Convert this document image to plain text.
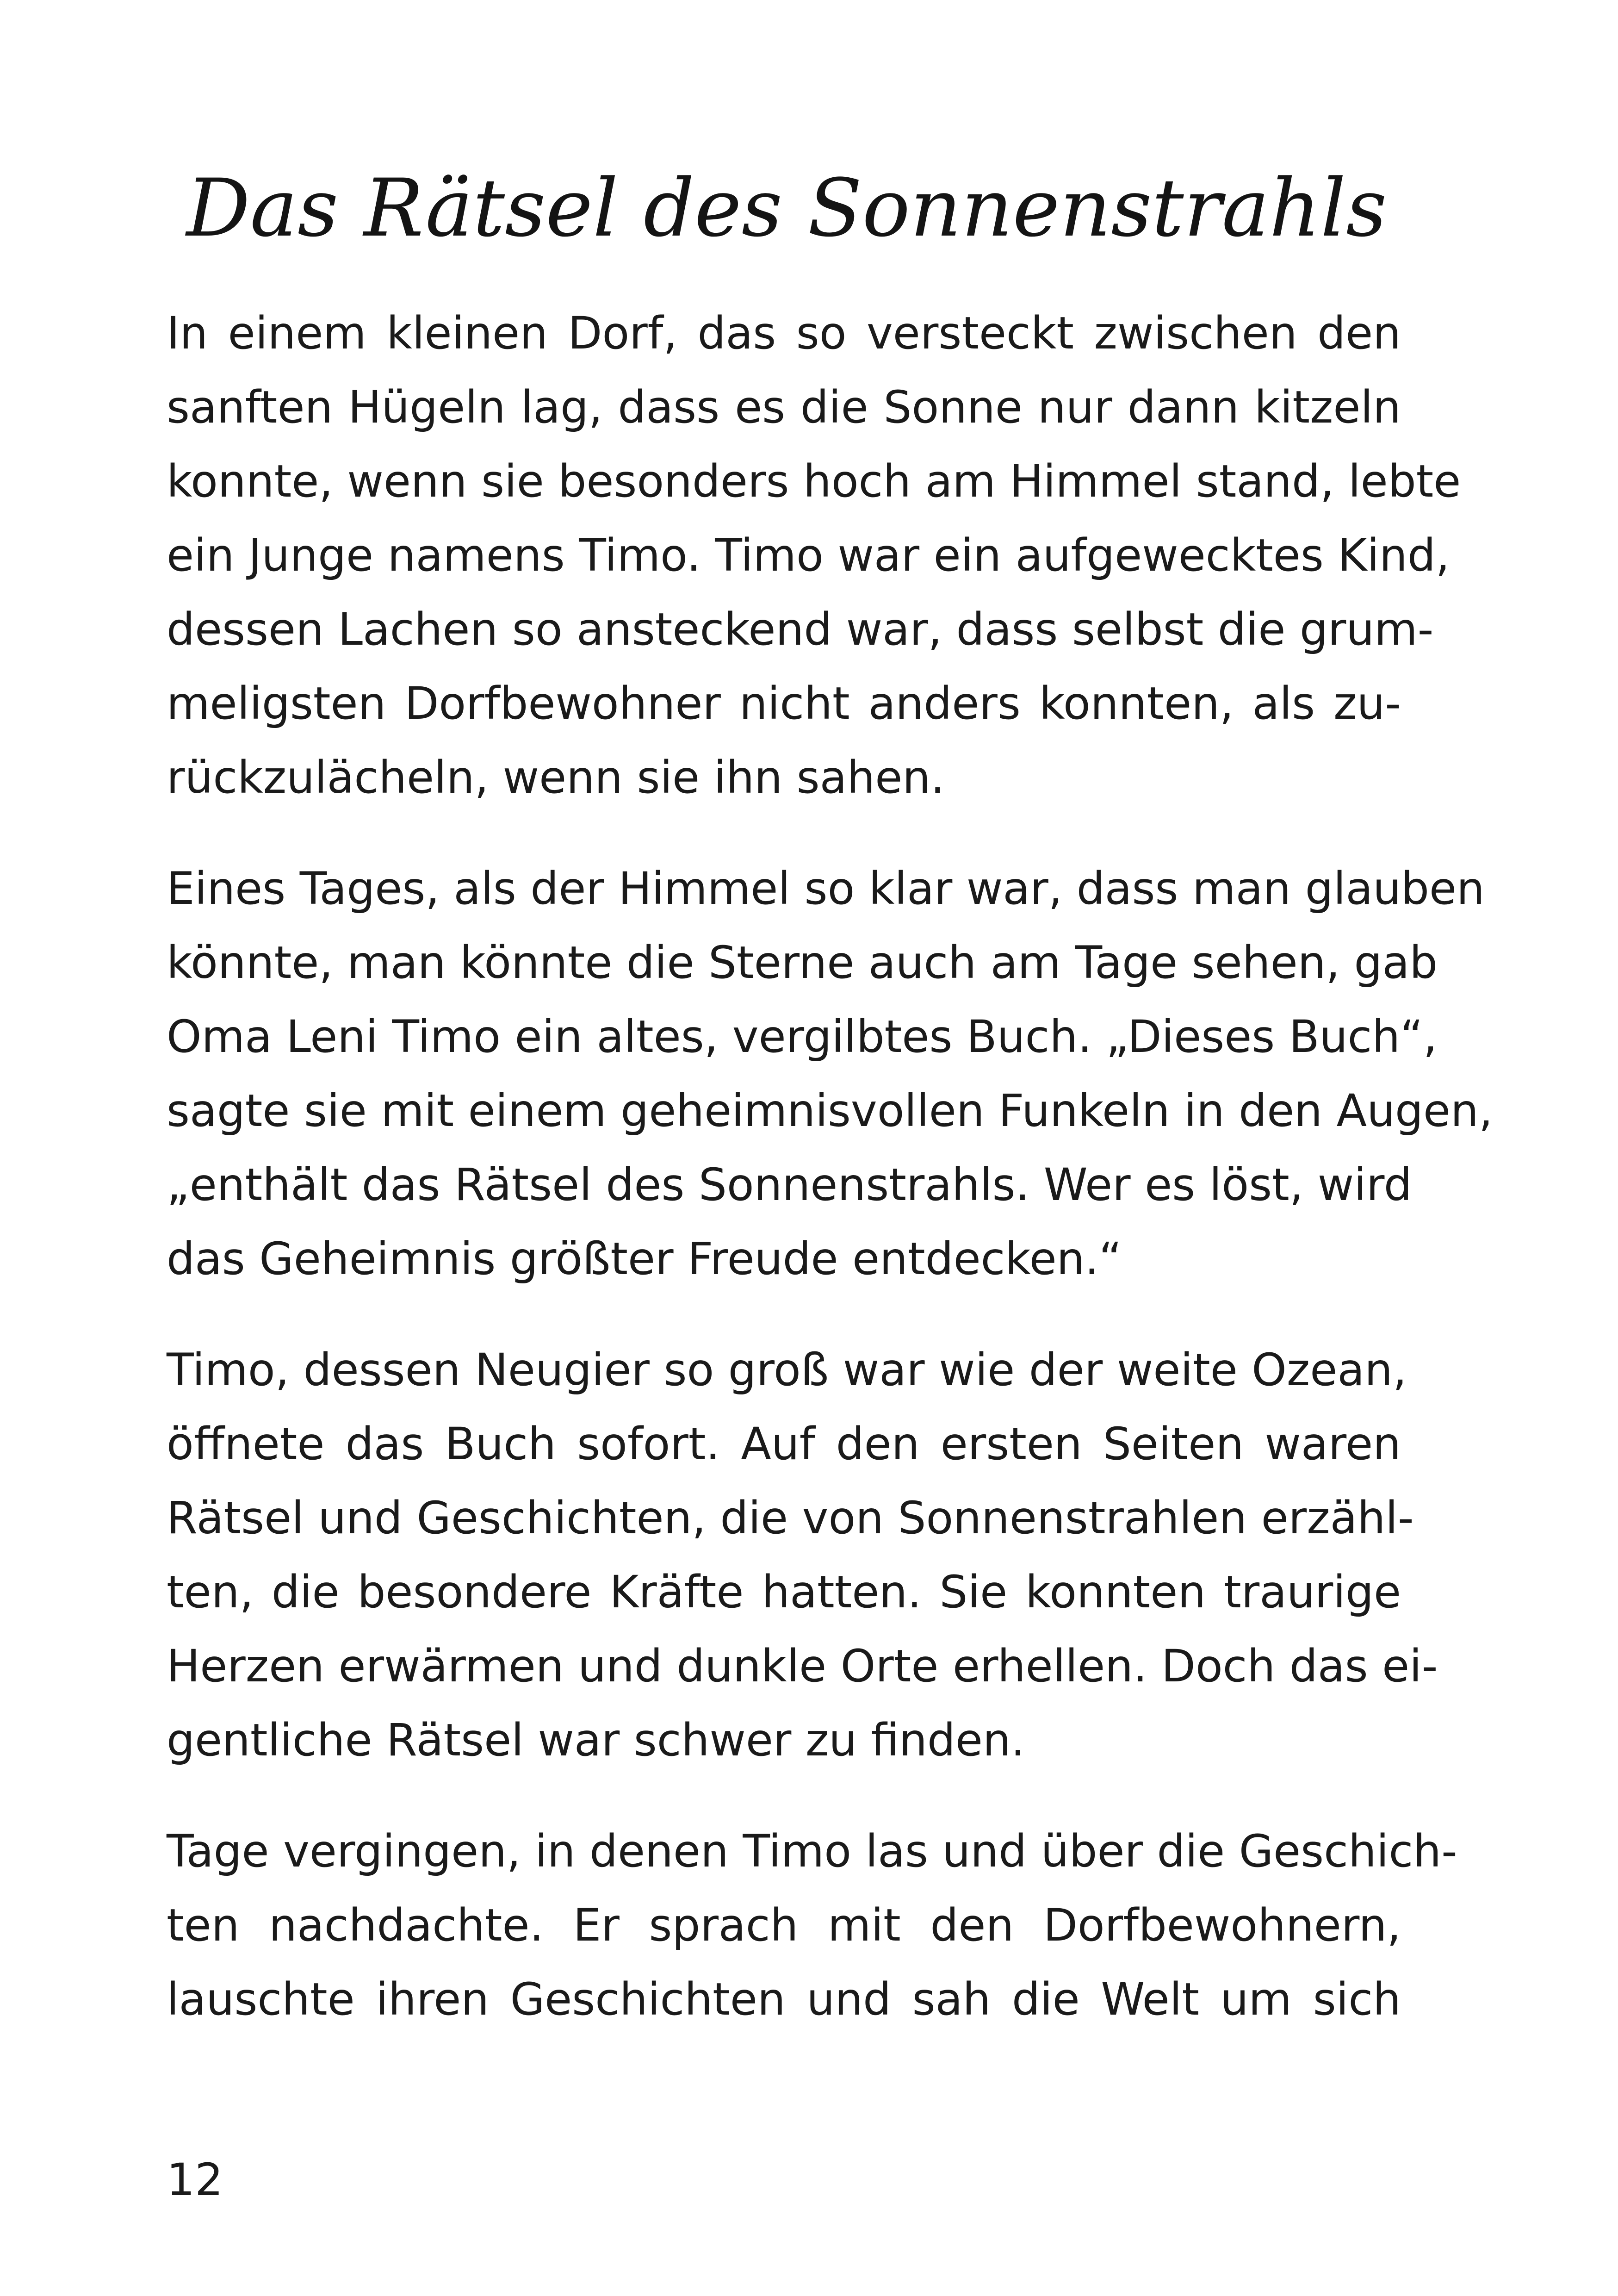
Das Rätsel des Sonnenstrahls
In einem kleinen Dorf, das so versteckt zwischen den
sanften Hügeln lag, dass es die Sonne nur dann kitzeln
konnte, wenn sie besonders hoch am Himmel stand, lebte
ein Junge namens Timo. Timo war ein aufgewecktes Kind,
dessen Lachen so ansteckend war, dass selbst die grum-
meligsten Dorfbewohner nicht anders konnten, als zu-
rückzulächeln, wenn sie ihn sahen.
Eines Tages, als der Himmel so klar war, dass man glauben
könnte, man könnte die Sterne auch am Tage sehen, gab
Oma Leni Timo ein altes, vergilbtes Buch. „Dieses Buch“,
sagte sie mit einem geheimnisvollen Funkeln in den Augen,
„enthält das Rätsel des Sonnenstrahls. Wer es löst, wird
das Geheimnis größter Freude entdecken.“
Timo, dessen Neugier so groß war wie der weite Ozean,
öffnete das Buch sofort. Auf den ersten Seiten waren
Rätsel und Geschichten, die von Sonnenstrahlen erzähl-
ten, die besondere Kräfte hatten. Sie konnten traurige
Herzen erwärmen und dunkle Orte erhellen. Doch das ei-
gentliche Rätsel war schwer zu finden.
Tage vergingen, in denen Timo las und über die Geschich-
ten nachdachte. Er sprach mit den Dorfbewohnern,
lauschte ihren Geschichten und sah die Welt um sich
12
